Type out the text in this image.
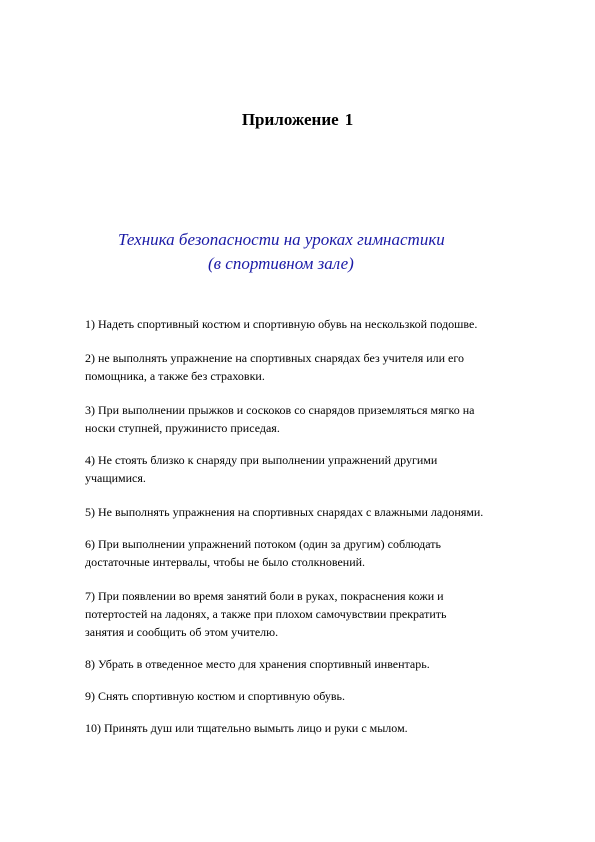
Приложение 1
Техника безопасности на уроках гимнастики
(в спортивном зале)
1) Надеть спортивный костюм и спортивную обувь на нескользкой подошве.
2) не выполнять упражнение на спортивных снарядах без учителя или его
помощника, а также без страховки.
3) При выполнении прыжков и соскоков со снарядов приземляться мягко на
носки ступней, пружинисто приседая.
4) Не стоять близко к снаряду при выполнении упражнений другими
учащимися.
5) Не выполнять упражнения на спортивных снарядах с влажными ладонями.
6) При выполнении упражнений потоком (один за другим) соблюдать
достаточные интервалы, чтобы не было столкновений.
7) При появлении во время занятий боли в руках, покраснения кожи и
потертостей на ладонях, а также при плохом самочувствии прекратить
занятия и сообщить об этом учителю.
8) Убрать в отведенное место для хранения спортивный инвентарь.
9) Снять спортивную костюм и спортивную обувь.
10) Принять душ или тщательно вымыть лицо и руки с мылом.
